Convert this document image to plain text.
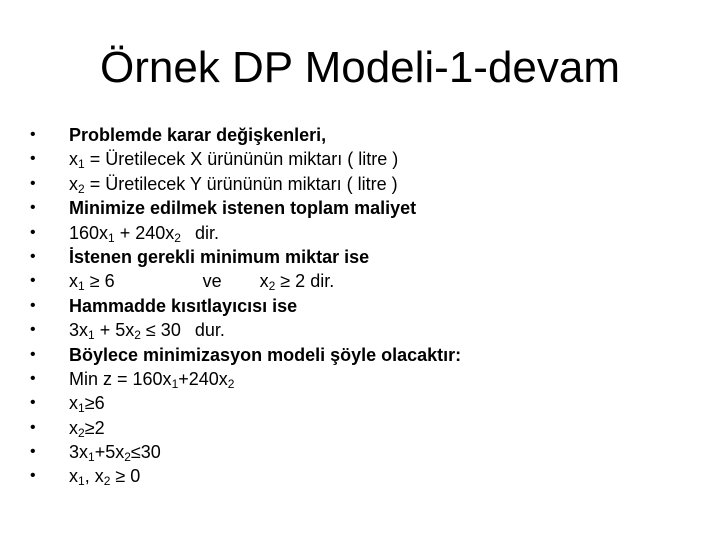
Örnek DP Modeli-1-devam
• Problemde karar değişkenleri,
• $x_1$ = Üretilecek X ürününün miktarı ( litre )
• $x_2$ = Üretilecek Y ürününün miktarı ( litre )
• Minimize edilmek istenen toplam maliyet
• $160x_1 + 240x_2$ dir.
• İstenen gerekli minimum miktar ise
• $x_1 \ge 6$	ve $x_2 \ge 2$ dir.
• Hammadde kısıtlayıcısı ise
• $3x_1 + 5x_2 \le 30$ dur.
• Böylece minimizasyon modeli şöyle olacaktır:
• Min $z = 160x_1+240x_2$
• $x_1\ge 6$
• $x_2\ge 2$
• $3x_1+5x_2\le 30$
• $x_1$, $x_2 \ge 0$
